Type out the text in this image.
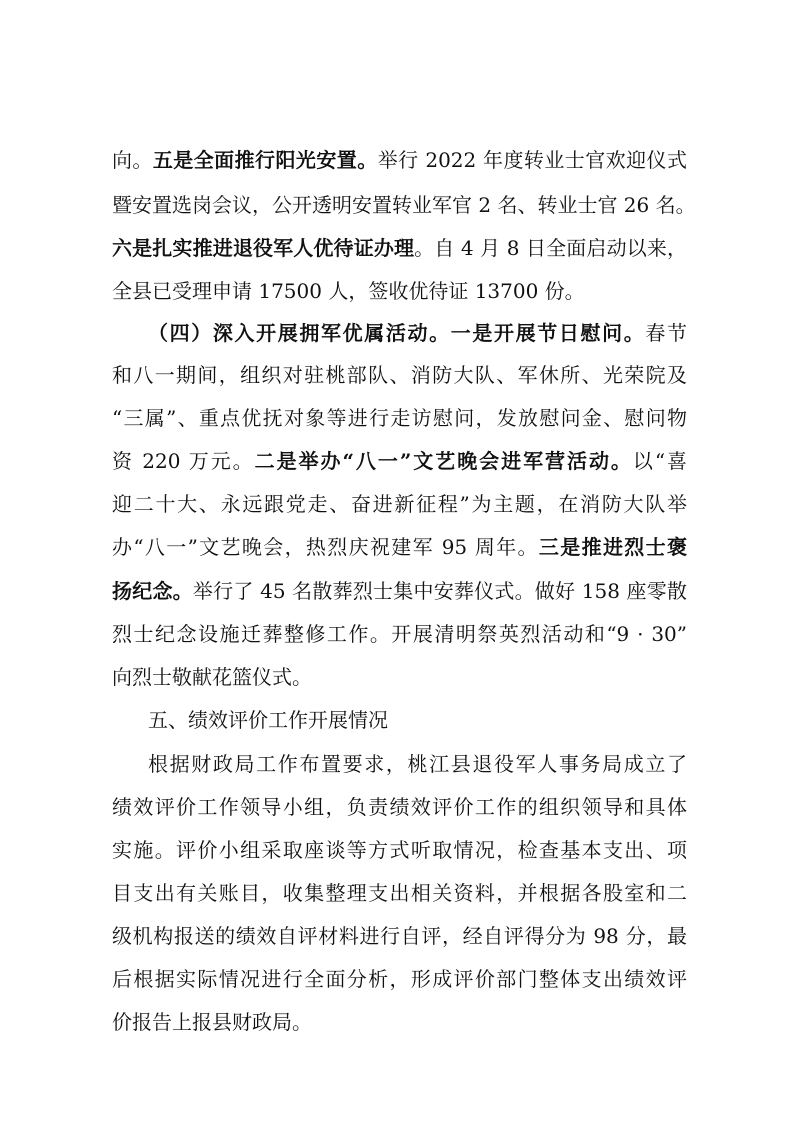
向。五是全面推行阳光安置。举行 2022 年度转业士官欢迎仪式
暨安置选岗会议，公开透明安置转业军官 2 名、转业士官 26 名。
六是扎实推进退役军人优待证办理。自 4 月 8 日全面启动以来，
全县已受理申请 17500 人，签收优待证 13700 份。
（四）深入开展拥军优属活动。一是开展节日慰问。春节
和八一期间，组织对驻桃部队、消防大队、军休所、光荣院及
“三属”、重点优抚对象等进行走访慰问，发放慰问金、慰问物
资 220 万元。二是举办“八一”文艺晚会进军营活动。以“喜
迎二十大、永远跟党走、奋进新征程”为主题，在消防大队举
办“八一”文艺晚会，热烈庆祝建军 95 周年。三是推进烈士褒
扬纪念。举行了 45 名散葬烈士集中安葬仪式。做好 158 座零散
烈士纪念设施迁葬整修工作。开展清明祭英烈活动和“9 · 30”
向烈士敬献花篮仪式。
五、绩效评价工作开展情况
根据财政局工作布置要求，桃江县退役军人事务局成立了
绩效评价工作领导小组，负责绩效评价工作的组织领导和具体
实施。评价小组采取座谈等方式听取情况，检查基本支出、项
目支出有关账目，收集整理支出相关资料，并根据各股室和二
级机构报送的绩效自评材料进行自评，经自评得分为 98 分，最
后根据实际情况进行全面分析，形成评价部门整体支出绩效评
价报告上报县财政局。
